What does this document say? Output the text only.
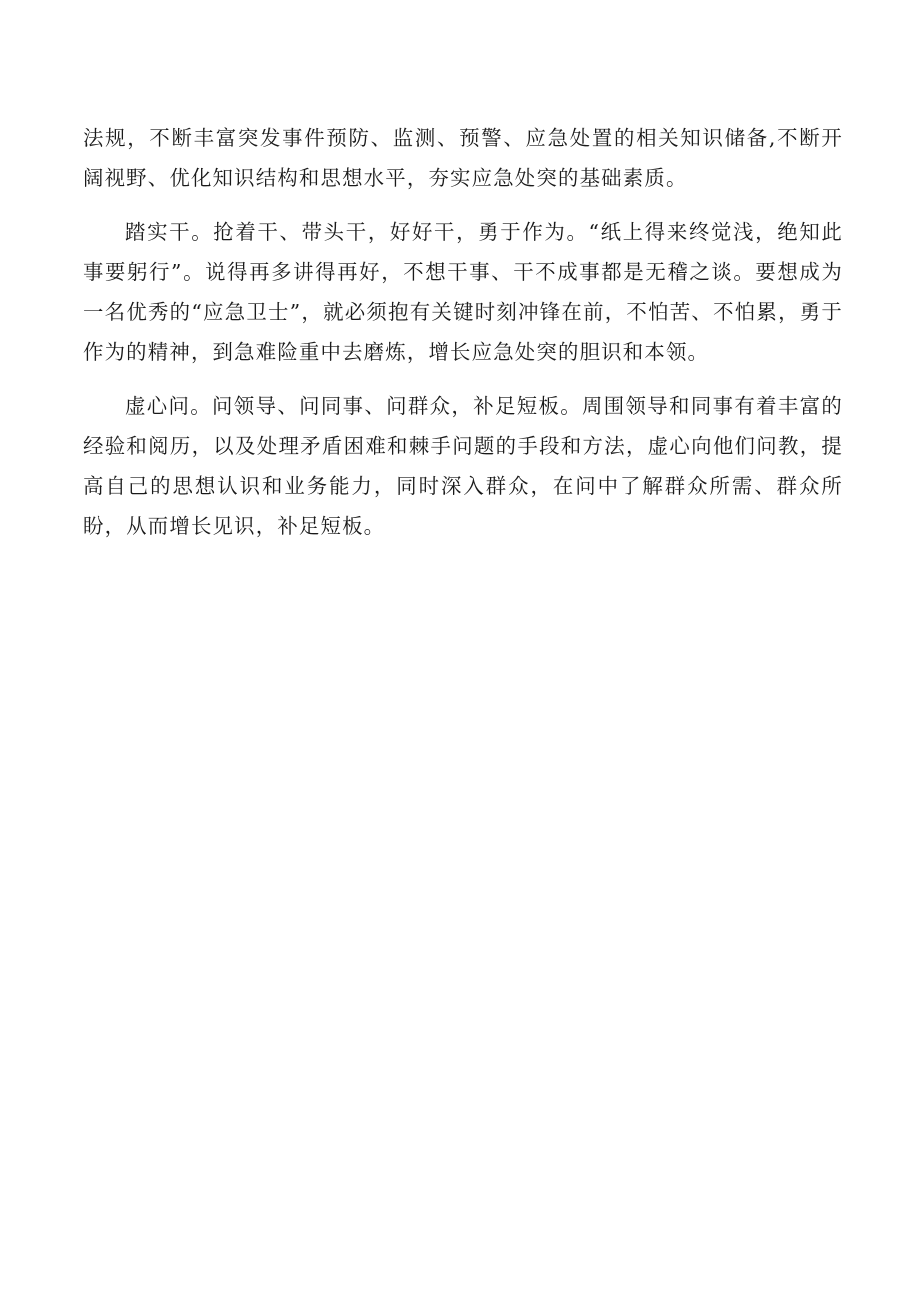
法规，不断丰富突发事件预防、监测、预警、应急处置的相关知识储备,不断开阔视野、优化知识结构和思想水平，夯实应急处突的基础素质。

踏实干。抢着干、带头干，好好干，勇于作为。“纸上得来终觉浅，绝知此事要躬行”。说得再多讲得再好，不想干事、干不成事都是无稽之谈。要想成为一名优秀的“应急卫士”，就必须抱有关键时刻冲锋在前，不怕苦、不怕累，勇于作为的精神，到急难险重中去磨炼，增长应急处突的胆识和本领。

虚心问。问领导、问同事、问群众，补足短板。周围领导和同事有着丰富的经验和阅历，以及处理矛盾困难和棘手问题的手段和方法，虚心向他们问教，提高自己的思想认识和业务能力，同时深入群众，在问中了解群众所需、群众所盼，从而增长见识，补足短板。
